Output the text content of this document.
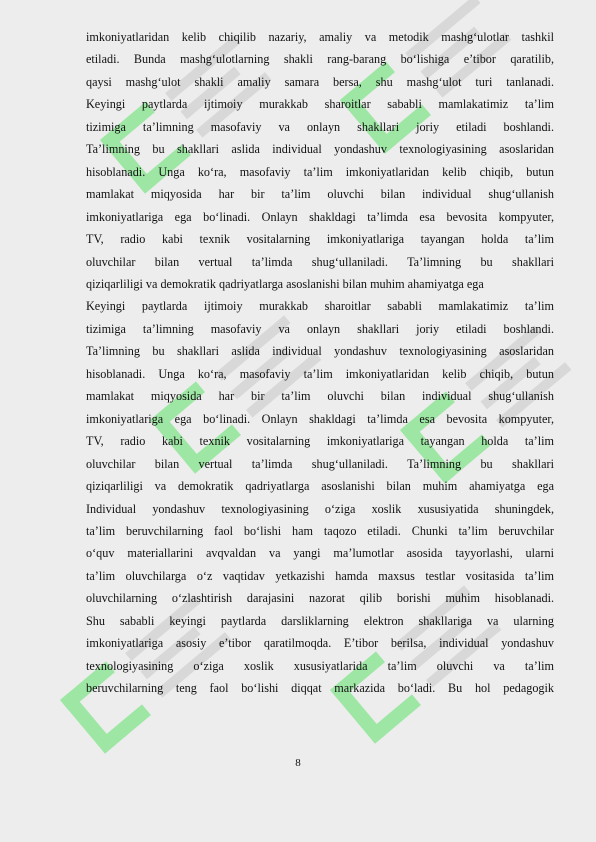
imkoniyatlaridan kelib chiqilib nazariy, amaliy va metodik mashg‘ulotlar tashkil
etiladi. Bunda mashg‘ulotlarning shakli rang-barang bo‘lishiga e’tibor qaratilib,
qaysi mashg‘ulot shakli amaliy samara bersa, shu mashg‘ulot turi tanlanadi.
Keyingi paytlarda ijtimoiy murakkab sharoitlar sababli mamlakatimiz ta’lim
tizimiga ta’limning masofaviy va onlayn shakllari joriy etiladi boshlandi.
Ta’limning bu shakllari aslida individual yondashuv texnologiyasining asoslaridan
hisoblanadi. Unga ko‘ra, masofaviy ta’lim imkoniyatlaridan kelib chiqib, butun
mamlakat miqyosida har bir ta’lim oluvchi bilan individual shug‘ullanish
imkoniyatlariga ega bo‘linadi. Onlayn shakldagi ta’limda esa bevosita kompyuter,
TV, radio kabi texnik vositalarning imkoniyatlariga tayangan holda ta’lim
oluvchilar bilan vertual ta’limda shug‘ullaniladi. Ta’limning bu shakllari
qiziqarliligi va demokratik qadriyatlarga asoslanishi bilan muhim ahamiyatga ega
Keyingi paytlarda ijtimoiy murakkab sharoitlar sababli mamlakatimiz ta’lim
tizimiga ta’limning masofaviy va onlayn shakllari joriy etiladi boshlandi.
Ta’limning bu shakllari aslida individual yondashuv texnologiyasining asoslaridan
hisoblanadi. Unga ko‘ra, masofaviy ta’lim imkoniyatlaridan kelib chiqib, butun
mamlakat miqyosida har bir ta’lim oluvchi bilan individual shug‘ullanish
imkoniyatlariga ega bo‘linadi. Onlayn shakldagi ta’limda esa bevosita kompyuter,
TV, radio kabi texnik vositalarning imkoniyatlariga tayangan holda ta’lim
oluvchilar bilan vertual ta’limda shug‘ullaniladi. Ta’limning bu shakllari
qiziqarliligi va demokratik qadriyatlarga asoslanishi bilan muhim ahamiyatga ega
Individual yondashuv texnologiyasining o‘ziga xoslik xususiyatida shuningdek,
ta’lim beruvchilarning faol bo‘lishi ham taqozo etiladi. Chunki ta’lim beruvchilar
o‘quv materiallarini avqvaldan va yangi ma’lumotlar asosida tayyorlashi, ularni
ta’lim oluvchilarga o‘z vaqtidav yetkazishi hamda maxsus testlar vositasida ta’lim
oluvchilarning o‘zlashtirish darajasini nazorat qilib borishi muhim hisoblanadi.
Shu sababli keyingi paytlarda darsliklarning elektron shakllariga va ularning
imkoniyatlariga asosiy e’tibor qaratilmoqda. E’tibor berilsa, individual yondashuv
texnologiyasining o‘ziga xoslik xususiyatlarida ta’lim oluvchi va ta’lim
beruvchilarning teng faol bo‘lishi diqqat markazida bo‘ladi. Bu hol pedagogik
8
